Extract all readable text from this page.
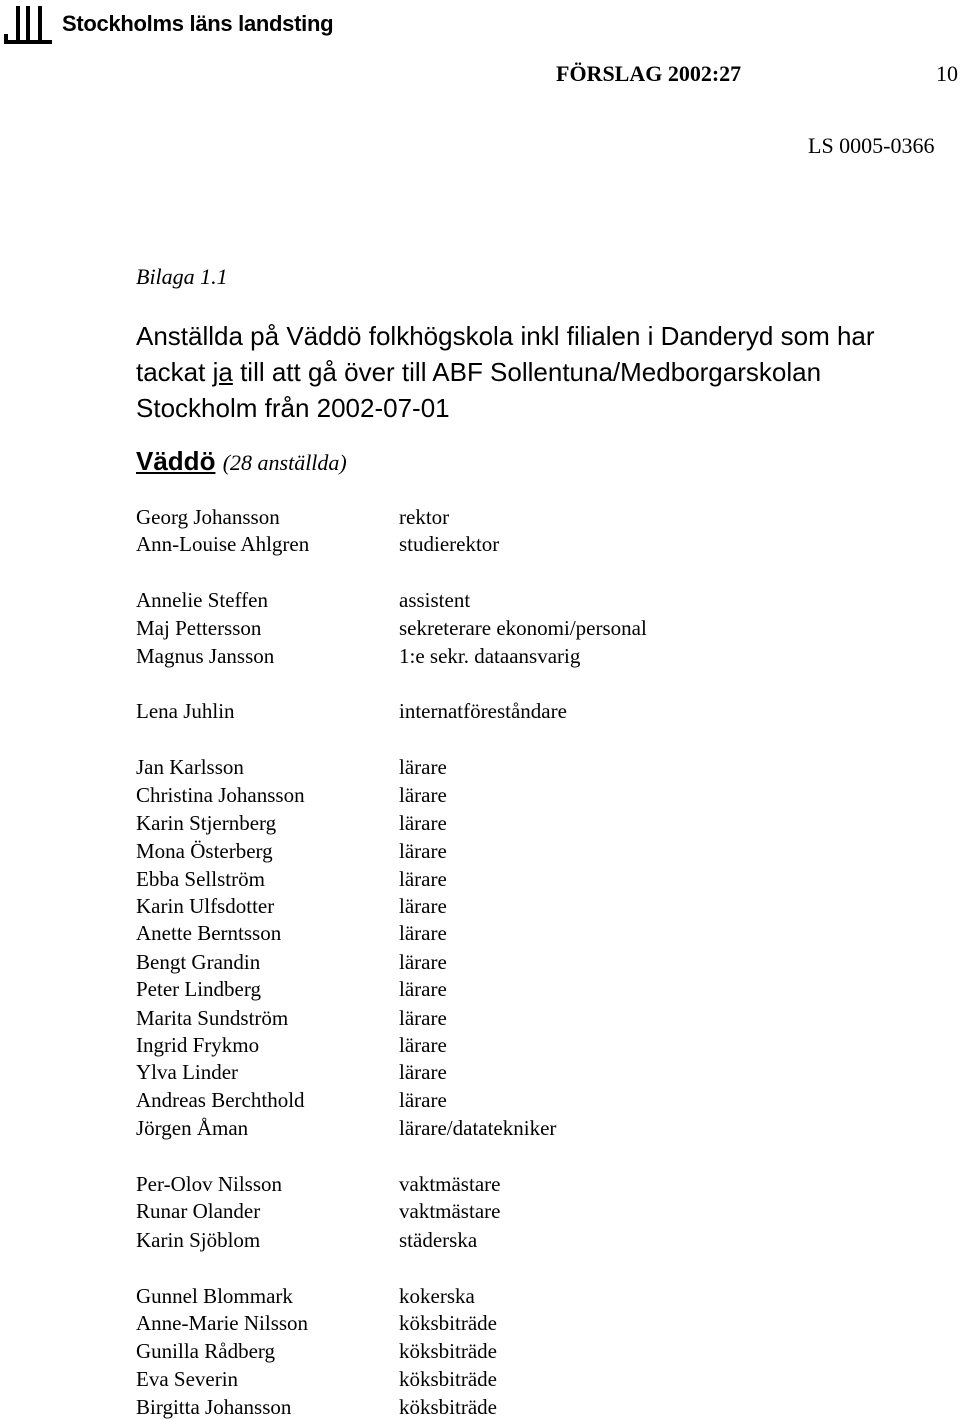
Stockholms läns landsting
FÖRSLAG 2002:27	10
LS 0005-0366
Bilaga 1.1
Anställda på Väddö folkhögskola inkl filialen i Danderyd som har tackat ja till att gå över till ABF Sollentuna/Medborgarskolan Stockholm från 2002-07-01
Väddö (28 anställda)
Georg Johansson	rektor
Ann-Louise Ahlgren	studierektor
Annelie Steffen	assistent
Maj Pettersson	sekreterare ekonomi/personal
Magnus Jansson	1:e sekr. dataansvarig
Lena Juhlin	internatföreståndare
Jan Karlsson	lärare
Christina Johansson	lärare
Karin Stjernberg	lärare
Mona Österberg	lärare
Ebba Sellström	lärare
Karin Ulfsdotter	lärare
Anette Berntsson	lärare
Bengt Grandin	lärare
Peter Lindberg	lärare
Marita Sundström	lärare
Ingrid Frykmo	lärare
Ylva Linder	lärare
Andreas Berchthold	lärare
Jörgen Åman	lärare/datatekniker
Per-Olov Nilsson	vaktmästare
Runar Olander	vaktmästare
Karin Sjöblom	städerska
Gunnel Blommark	kokerska
Anne-Marie Nilsson	köksbiträde
Gunilla Rådberg	köksbiträde
Eva Severin	köksbiträde
Birgitta Johansson	köksbiträde
